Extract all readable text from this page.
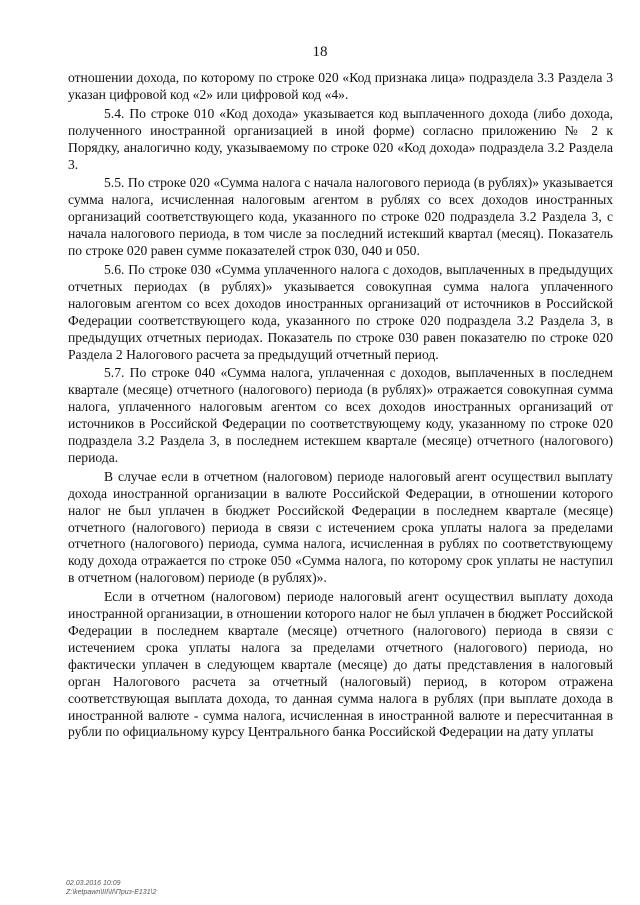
18

отношении дохода, по которому по строке 020 «Код признака лица» подраздела 3.3 Раздела 3 указан цифровой код «2» или цифровой код «4».

5.4. По строке 010 «Код дохода» указывается код выплаченного дохода (либо дохода, полученного иностранной организацией в иной форме) согласно приложению № 2 к Порядку, аналогично коду, указываемому по строке 020 «Код дохода» подраздела 3.2 Раздела 3.

5.5. По строке 020 «Сумма налога с начала налогового периода (в рублях)» указывается сумма налога, исчисленная налоговым агентом в рублях со всех доходов иностранных организаций соответствующего кода, указанного по строке 020 подраздела 3.2 Раздела 3, с начала налогового периода, в том числе за последний истекший квартал (месяц). Показатель по строке 020 равен сумме показателей строк 030, 040 и 050.

5.6. По строке 030 «Сумма уплаченного налога с доходов, выплаченных в предыдущих отчетных периодах (в рублях)» указывается совокупная сумма налога уплаченного налоговым агентом со всех доходов иностранных организаций от источников в Российской Федерации соответствующего кода, указанного по строке 020 подраздела 3.2 Раздела 3, в предыдущих отчетных периодах. Показатель по строке 030 равен показателю по строке 020 Раздела 2 Налогового расчета за предыдущий отчетный период.

5.7. По строке 040 «Сумма налога, уплаченная с доходов, выплаченных в последнем квартале (месяце) отчетного (налогового) периода (в рублях)» отражается совокупная сумма налога, уплаченного налоговым агентом со всех доходов иностранных организаций от источников в Российской Федерации по соответствующему коду, указанному по строке 020 подраздела 3.2 Раздела 3, в последнем истекшем квартале (месяце) отчетного (налогового) периода.

В случае если в отчетном (налоговом) периоде налоговый агент осуществил выплату дохода иностранной организации в валюте Российской Федерации, в отношении которого налог не был уплачен в бюджет Российской Федерации в последнем квартале (месяце) отчетного (налогового) периода в связи с истечением срока уплаты налога за пределами отчетного (налогового) периода, сумма налога, исчисленная в рублях по соответствующему коду дохода отражается по строке 050 «Сумма налога, по которому срок уплаты не наступил в отчетном (налоговом) периоде (в рублях)».

Если в отчетном (налоговом) периоде налоговый агент осуществил выплату дохода иностранной организации, в отношении которого налог не был уплачен в бюджет Российской Федерации в последнем квартале (месяце) отчетного (налогового) периода в связи с истечением срока уплаты налога за пределами отчетного (налогового) периода, но фактически уплачен в следующем квартале (месяце) до даты представления в налоговый орган Налогового расчета за отчетный (налоговый) период, в котором отражена соответствующая выплата дохода, то данная сумма налога в рублях (при выплате дохода в иностранной валюте - сумма налога, исчисленная в иностранной валюте и пересчитанная в рубли по официальному курсу Центрального банка Российской Федерации на дату уплаты

02.03.2016 10:09
Z:\ketpawn\III\II\Приз-Е131\2
